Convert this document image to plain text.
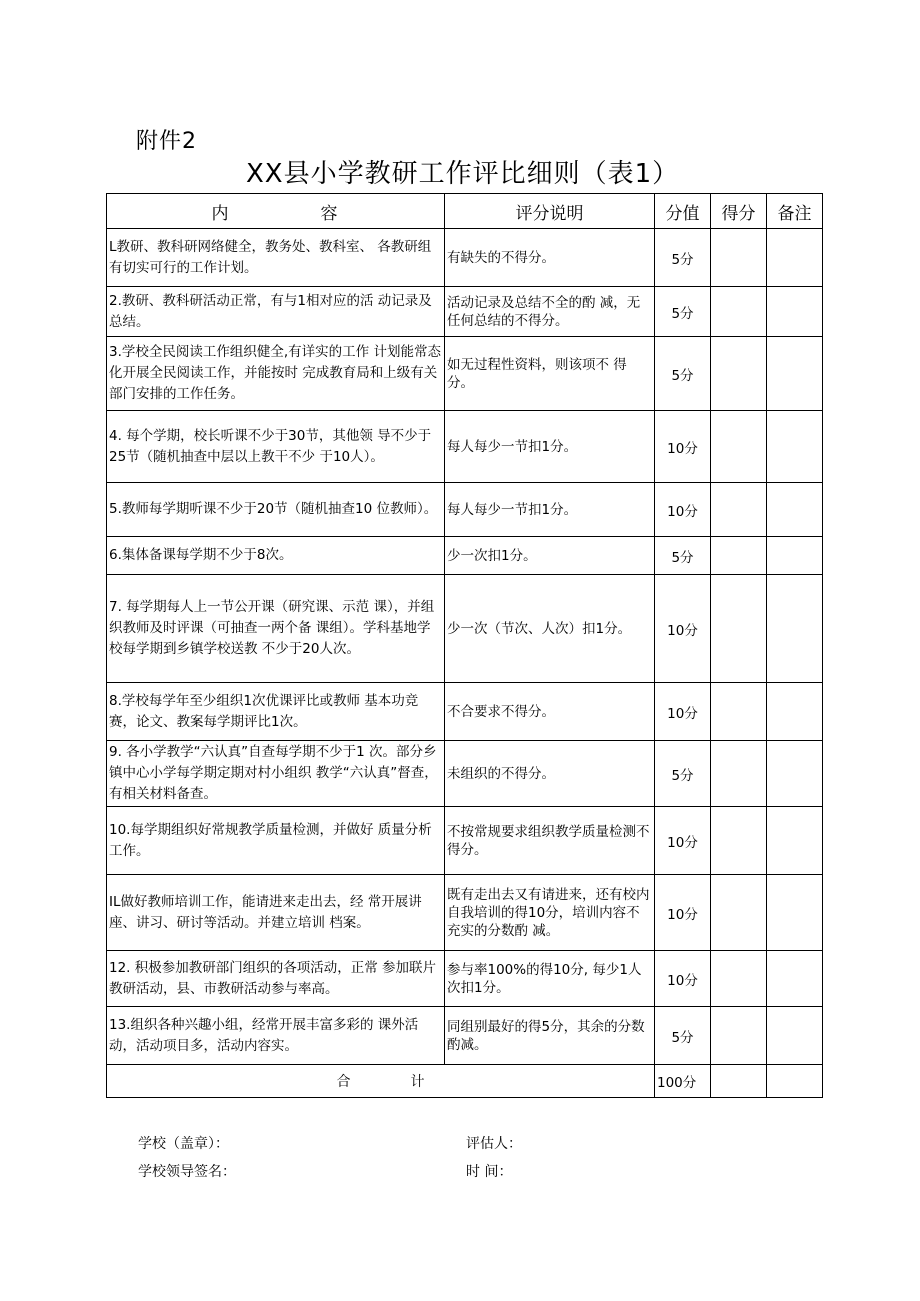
附件2
XX县小学教研工作评比细则（表1）
内 容	评分说明	分值	得分	备注
L教研、教科研网络健全，教务处、教科室、 各教研组有切实可行的工作计划。	有缺失的不得分。	5分		
2.教研、教科研活动正常，有与1相对应的活 动记录及总结。	活动记录及总结不全的酌 减，无任何总结的不得分。	5分		
3.学校全民阅读工作组织健全,有详实的工作 计划能常态化开展全民阅读工作，并能按时 完成教育局和上级有关部门安排的工作任务。	如无过程性资料，则该项不 得分。	5分		
4. 每个学期，校长听课不少于30节，其他领 导不少于25节（随机抽查中层以上教干不少 于10人）。	每人每少一节扣1分。	10分		
5.教师每学期听课不少于20节（随机抽查10 位教师）。	每人每少一节扣1分。	10分		
6.集体备课每学期不少于8次。	少一次扣1分。	5分		
7. 每学期每人上一节公开课（研究课、示范 课），并组织教师及时评课（可抽查一两个备 课组）。学科基地学校每学期到乡镇学校送教 不少于20人次。	少一次（节次、人次）扣1分。	10分		
8.学校每学年至少组织1次优课评比或教师 基本功竞赛，论文、教案每学期评比1次。	不合要求不得分。	10分		
9. 各小学教学“六认真”自查每学期不少于1 次。部分乡镇中心小学每学期定期对村小组织 教学“六认真”督查，有相关材料备查。	未组织的不得分。	5分		
10.每学期组织好常规教学质量检测，并做好 质量分析工作。	不按常规要求组织教学质量检测不得分。	10分		
IL做好教师培训工作，能请进来走出去，经 常开展讲座、讲习、研讨等活动。并建立培训 档案。	既有走出去又有请进来，还有校内自我培训的得10分，培训内容不充实的分数酌 减。	10分		
12. 积极参加教研部门组织的各项活动，正常 参加联片教研活动，县、市教研活动参与率高。	参与率100%的得10分, 每少1人次扣1分。	10分		
13.组织各种兴趣小组，经常开展丰富多彩的 课外活动，活动项目多，活动内容实。	同组别最好的得5分，其余的分数酌减。	5分		
合 计		100分		
学校（盖章）：	评估人：
学校领导签名：	时 间：
